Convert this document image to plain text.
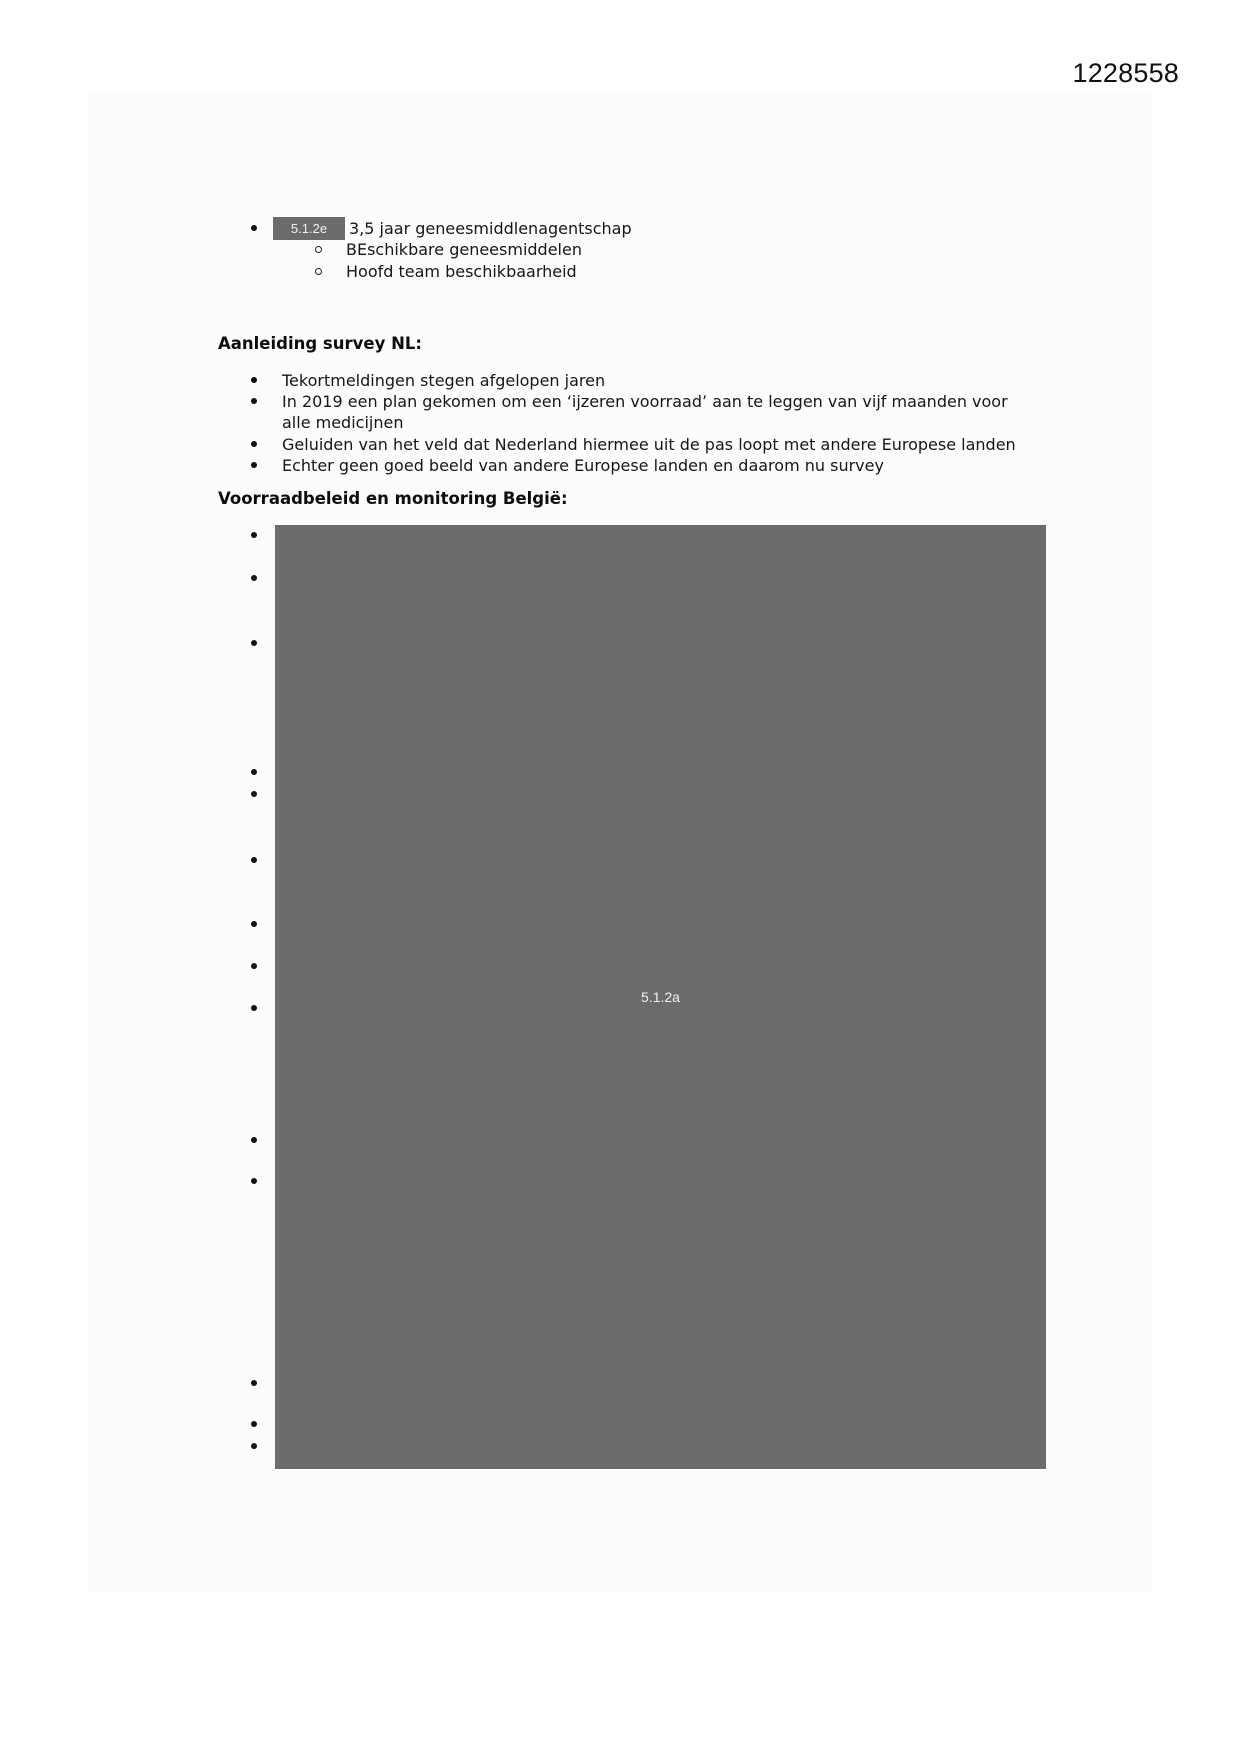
1228558
5.1.2e	3,5 jaar geneesmiddlenagentschap
BEschikbare geneesmiddelen
Hoofd team beschikbaarheid
Aanleiding survey NL:
Tekortmeldingen stegen afgelopen jaren
In 2019 een plan gekomen om een ‘ijzeren voorraad’ aan te leggen van vijf maanden voor
alle medicijnen
Geluiden van het veld dat Nederland hiermee uit de pas loopt met andere Europese landen
Echter geen goed beeld van andere Europese landen en daarom nu survey
Voorraadbeleid en monitoring België:
5.1.2a
